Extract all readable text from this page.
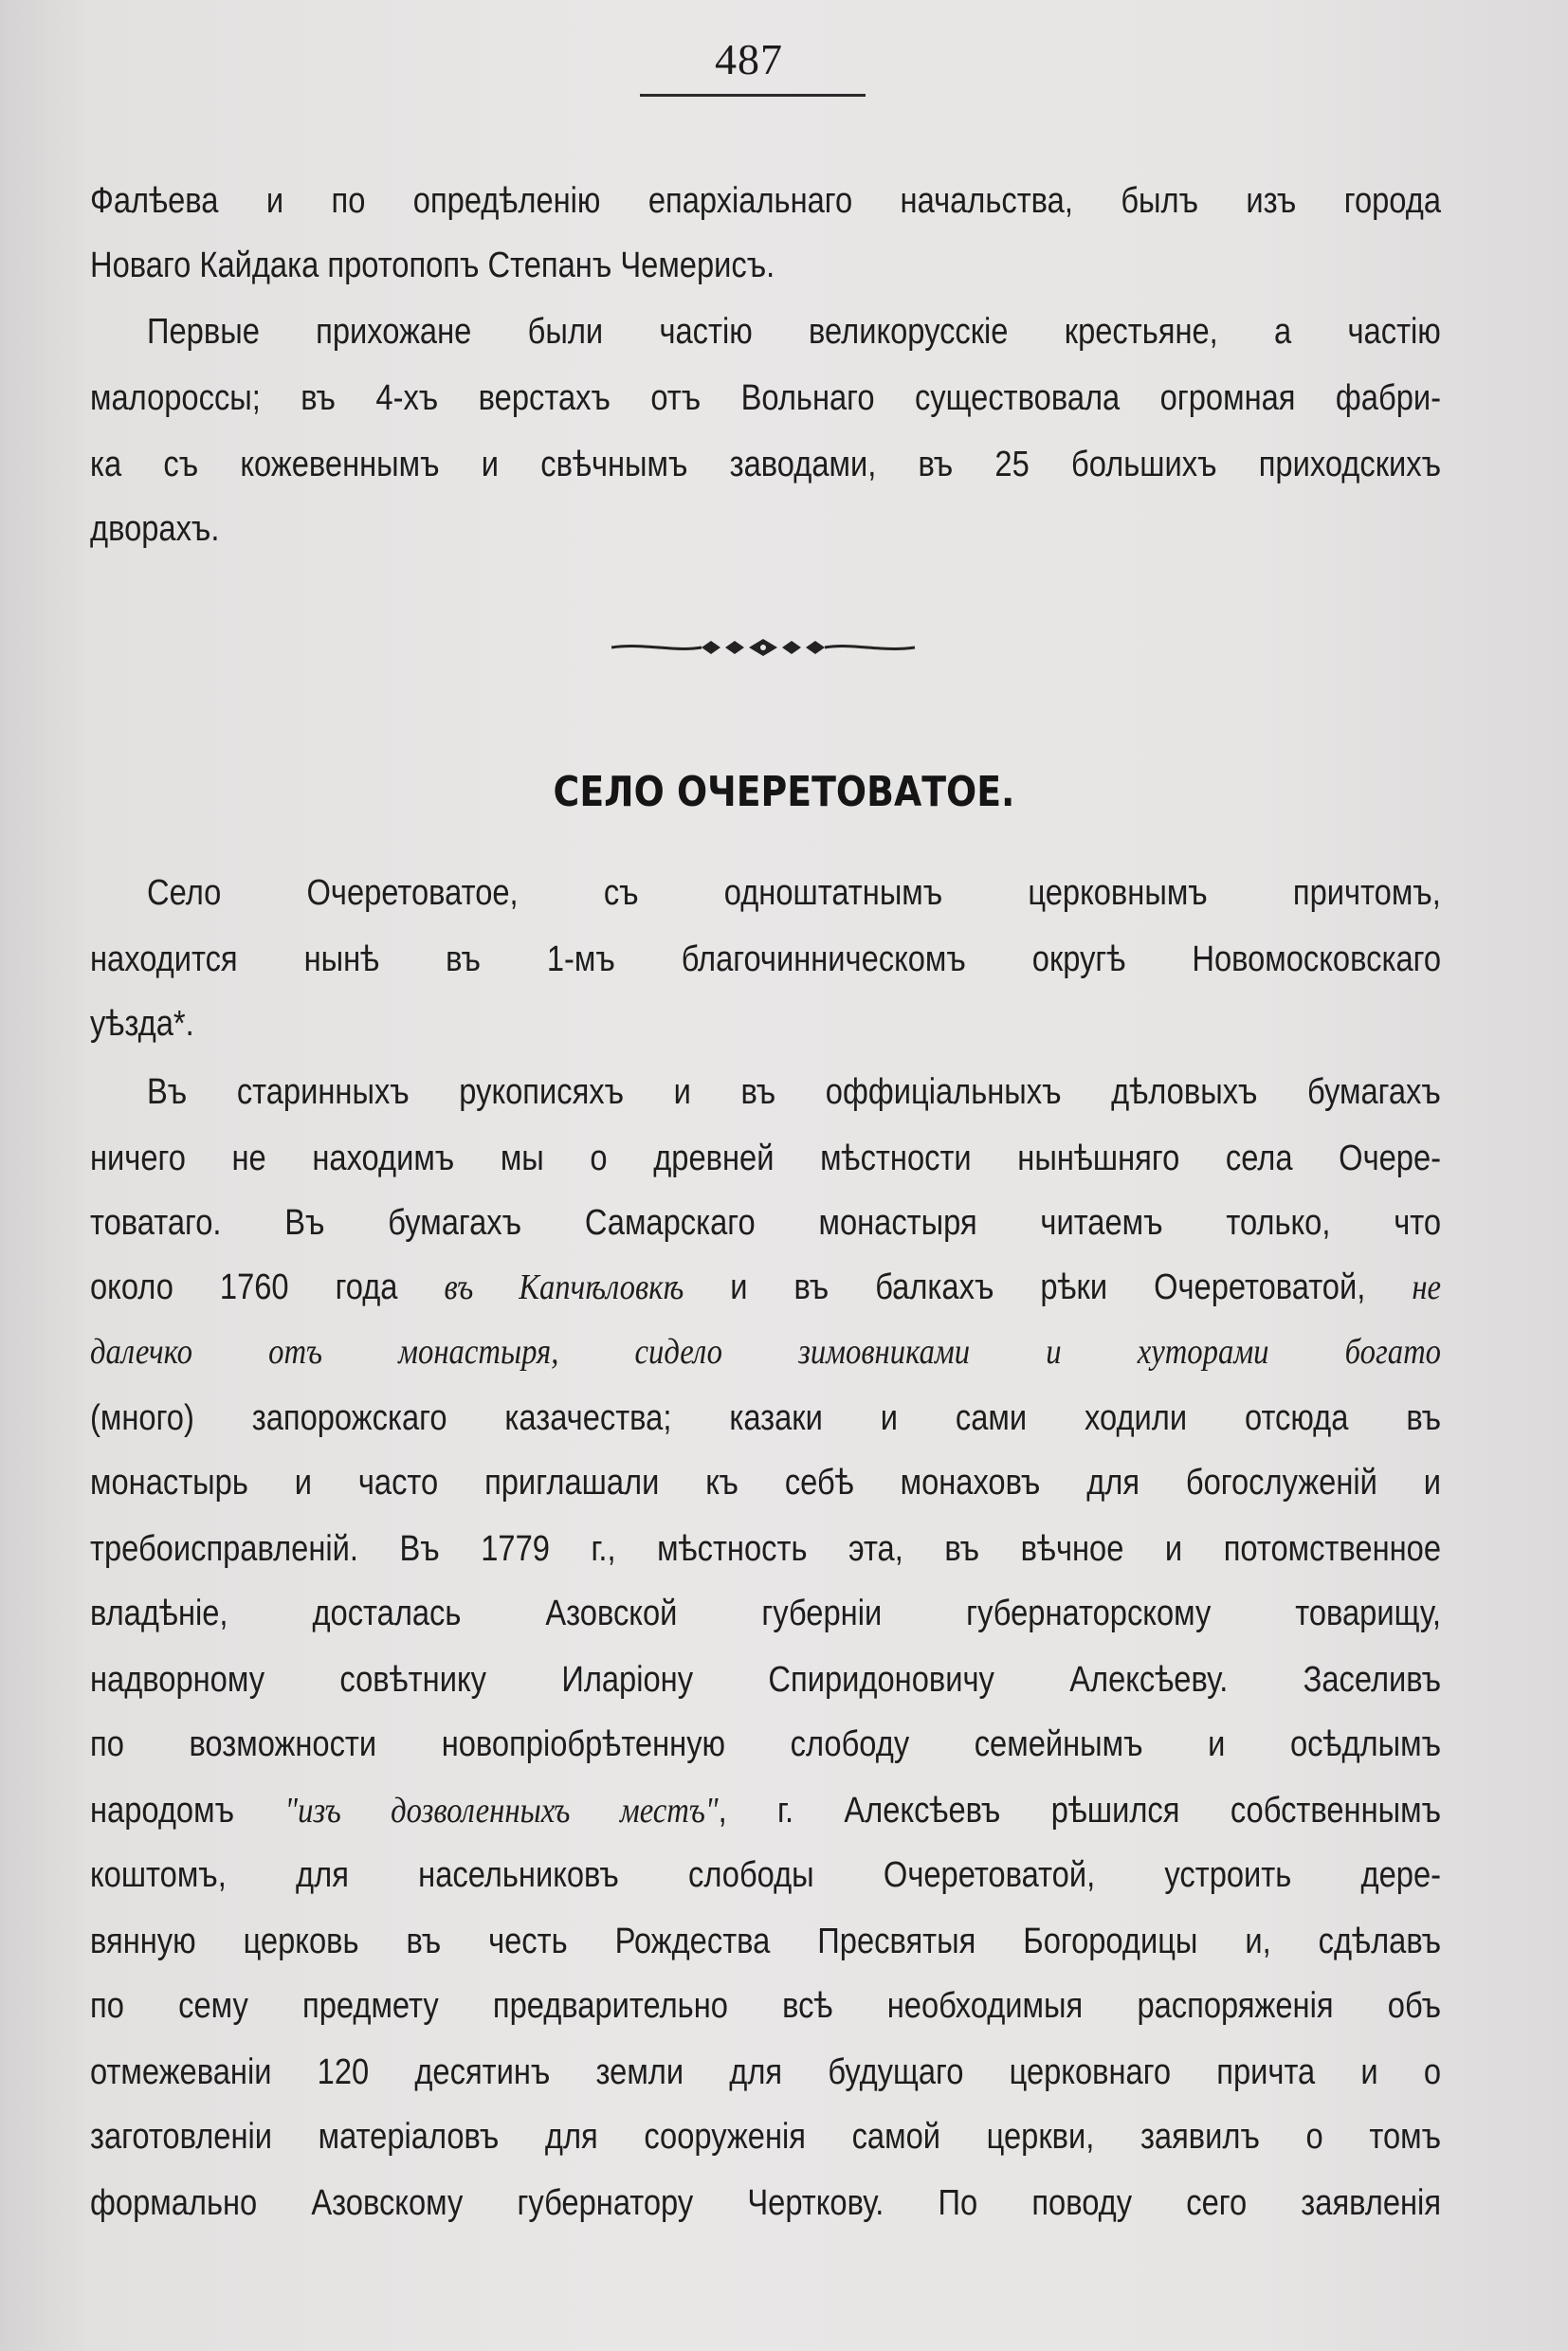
487
Фалѣева и по опредѣленію епархіальнаго начальства, былъ изъ города
Новаго Кайдака протопопъ Степанъ Чемерисъ.
Первые прихожане были частію великорусскіе крестьяне, а частію
малороссы; въ 4-хъ верстахъ отъ Вольнаго существовала огромная фабри-
ка съ кожевеннымъ и свѣчнымъ заводами, въ 25 большихъ приходскихъ
дворахъ.
СЕЛО ОЧЕРЕТОВАТОЕ.
Село Очеретоватое, съ одноштатнымъ церковнымъ причтомъ,
находится нынѣ въ 1-мъ благочинническомъ округѣ Новомосковскаго
уѣзда*.
Въ старинныхъ рукописяхъ и въ оффиціальныхъ дѣловыхъ бумагахъ
ничего не находимъ мы о древней мѣстности нынѣшняго села Очере-
товатаго. Въ бумагахъ Самарскаго монастыря читаемъ только, что
около 1760 года въ Капчѣловкѣ и въ балкахъ рѣки Очеретоватой, не
далечко отъ монастыря, сидело зимовниками и хуторами богато
(много) запорожскаго казачества; казаки и сами ходили отсюда въ
монастырь и часто приглашали къ себѣ монаховъ для богослуженій и
требоисправленій. Въ 1779 г., мѣстность эта, въ вѣчное и потомственное
владѣніе, досталась Азовской губерніи губернаторскому товарищу,
надворному совѣтнику Иларіону Спиридоновичу Алексѣеву. Заселивъ
по возможности новопріобрѣтенную слободу семейнымъ и осѣдлымъ
народомъ "изъ дозволенныхъ местъ", г. Алексѣевъ рѣшился собственнымъ
коштомъ, для насельниковъ слободы Очеретоватой, устроить дере-
вянную церковь въ честь Рождества Пресвятыя Богородицы и, сдѣлавъ
по сему предмету предварительно всѣ необходимыя распоряженія объ
отмежеваніи 120 десятинъ земли для будущаго церковнаго причта и о
заготовленіи матеріаловъ для сооруженія самой церкви, заявилъ о томъ
формально Азовскому губернатору Черткову. По поводу сего заявленія
